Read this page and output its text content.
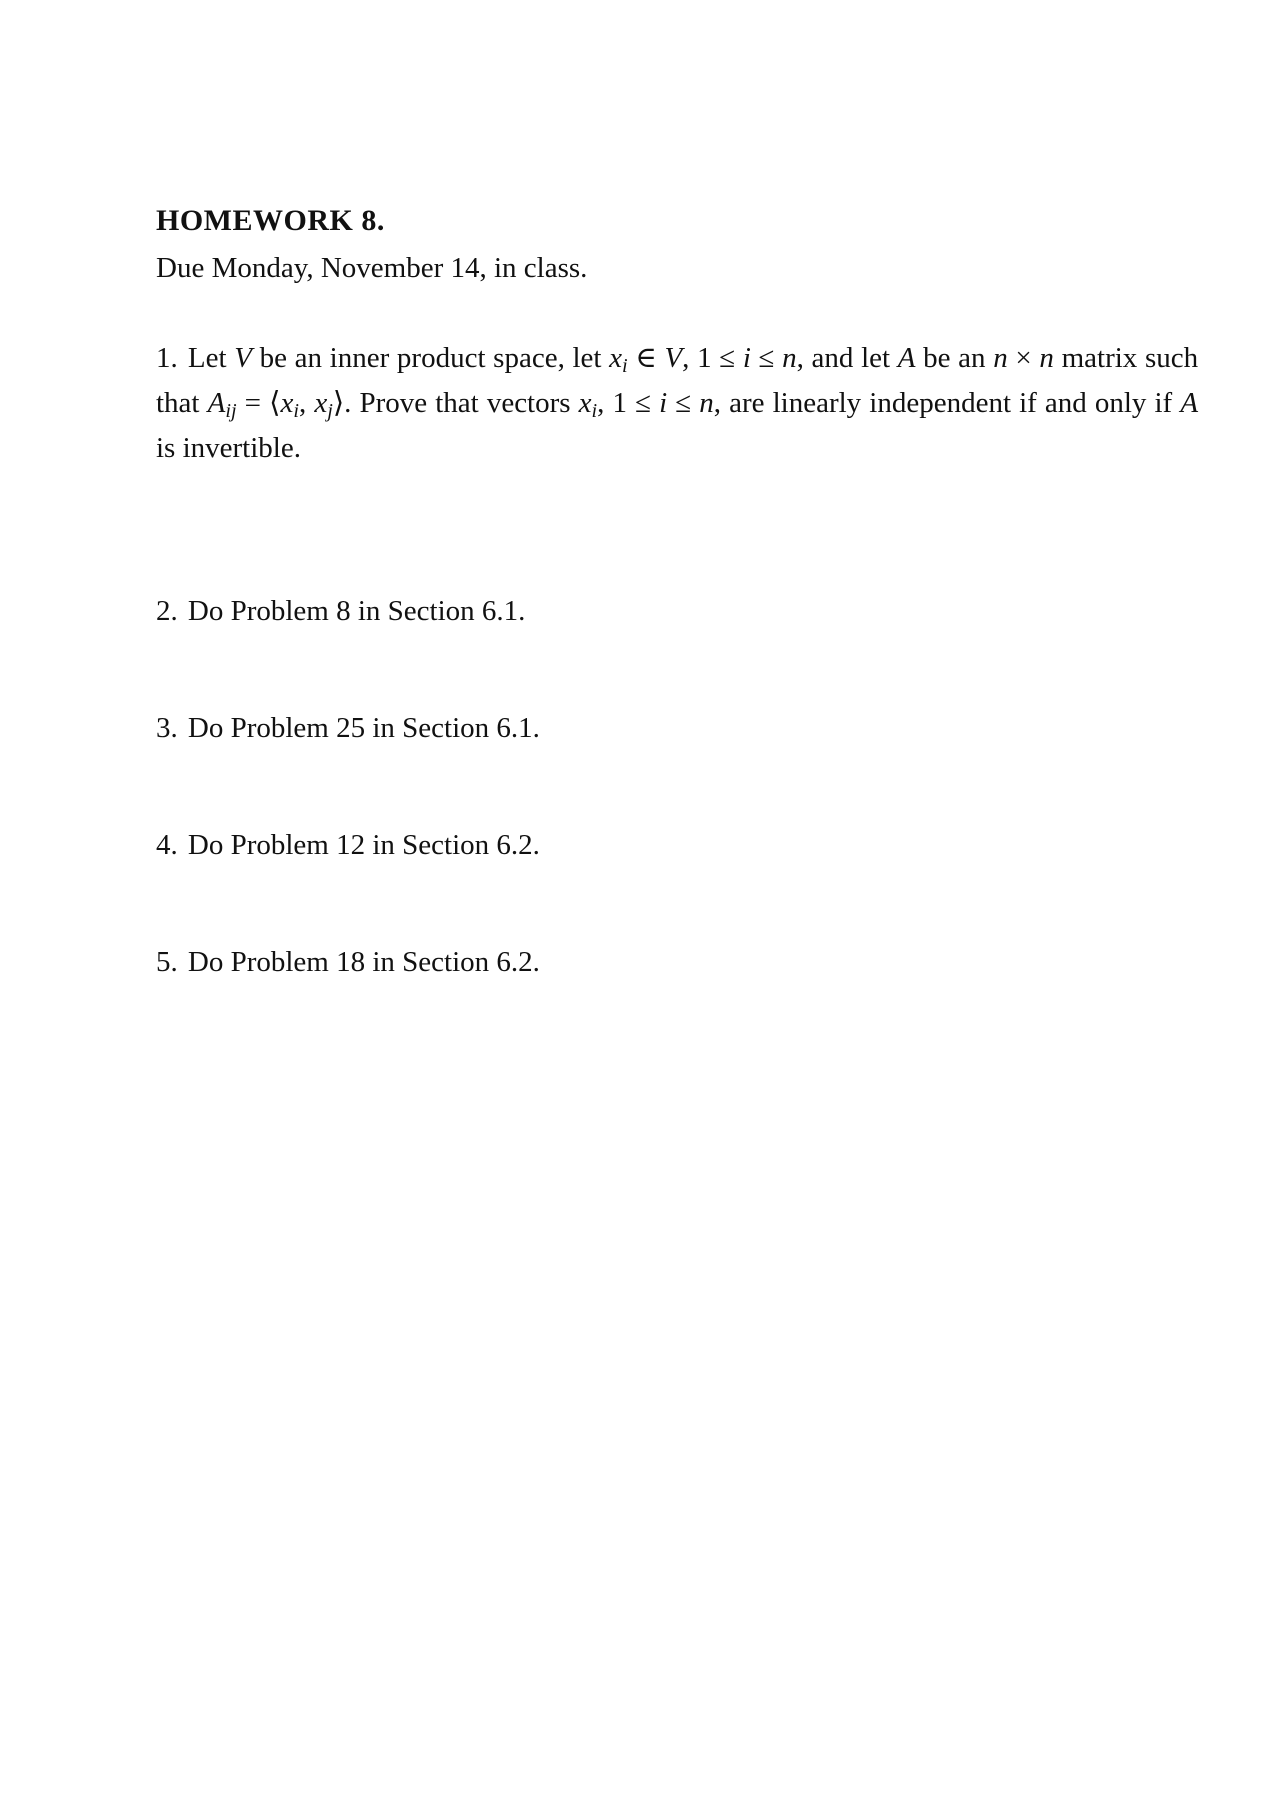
HOMEWORK 8.

Due Monday, November 14, in class.

1. Let V be an inner product space, let $x_i$ ∈ V, 1 ≤ i ≤ n, and let A be an n × n matrix such that $A_{ij}$ = $⟨x_i$, $x_j⟩$. Prove that vectors $x_i$, 1 ≤ i ≤ n, are linearly independent if and only if A is invertible.

2. Do Problem 8 in Section 6.1.

3. Do Problem 25 in Section 6.1.

4. Do Problem 12 in Section 6.2.

5. Do Problem 18 in Section 6.2.
